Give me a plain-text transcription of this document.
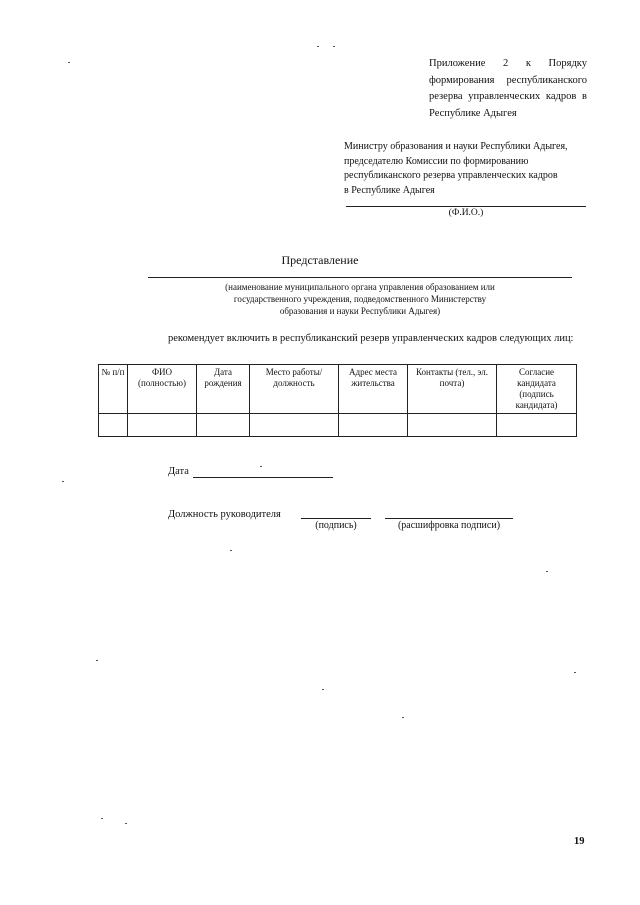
Приложение 2 к Порядку
формирования республиканского
резерва управленческих кадров в
Республике Адыгея
Министру образования и науки Республики Адыгея,
председателю Комиссии по формированию
республиканского резерва управленческих кадров
в Республике Адыгея
(Ф.И.О.)
Представление
(наименование муниципального органа управления образованием или
государственного учреждения, подведомственного Министерству
образования и науки Республики Адыгея)
рекомендует включить в республиканский резерв управленческих кадров следующих лиц:
№ п/п	ФИО (полностью)	Дата рождения	Место работы/ должность	Адрес места жительства	Контакты (тел., эл. почта)	Согласие кандидата (подпись кандидата)

Дата
Должность руководителя
(подпись)	(расшифровка подписи)
19
